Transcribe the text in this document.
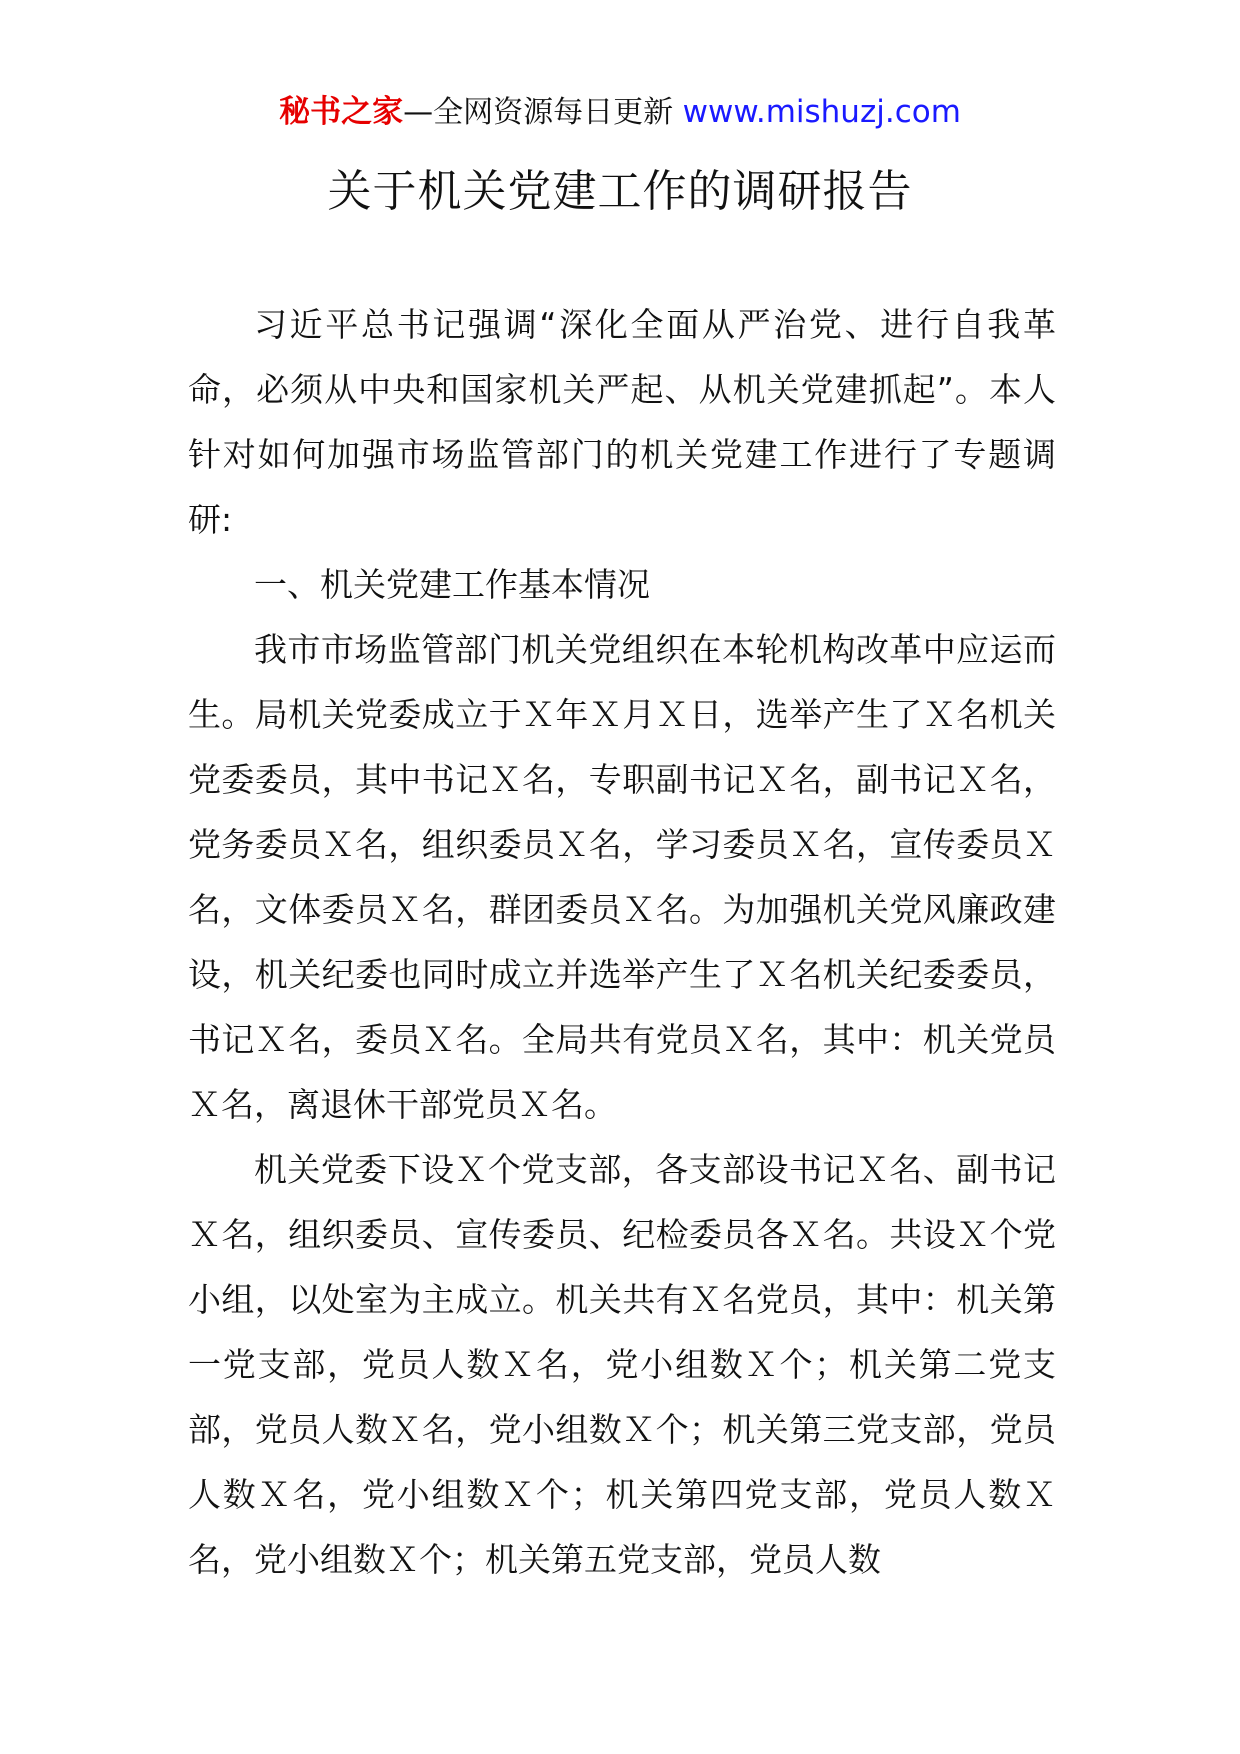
秘书之家—全网资源每日更新 www.mishuzj.com
关于机关党建工作的调研报告

习近平总书记强调“深化全面从严治党、进行自我革命，必须从中央和国家机关严起、从机关党建抓起”。本人针对如何加强市场监管部门的机关党建工作进行了专题调研:

一、机关党建工作基本情况

我市市场监管部门机关党组织在本轮机构改革中应运而生。局机关党委成立于Ｘ年Ｘ月Ｘ日，选举产生了Ｘ名机关党委委员，其中书记Ｘ名，专职副书记Ｘ名，副书记Ｘ名，党务委员Ｘ名，组织委员Ｘ名，学习委员Ｘ名，宣传委员Ｘ名，文体委员Ｘ名，群团委员Ｘ名。为加强机关党风廉政建设，机关纪委也同时成立并选举产生了Ｘ名机关纪委委员，书记Ｘ名，委员Ｘ名。全局共有党员Ｘ名，其中：机关党员Ｘ名，离退休干部党员Ｘ名。

机关党委下设Ｘ个党支部，各支部设书记Ｘ名、副书记Ｘ名，组织委员、宣传委员、纪检委员各Ｘ名。共设Ｘ个党小组，以处室为主成立。机关共有Ｘ名党员，其中：机关第一党支部，党员人数Ｘ名，党小组数Ｘ个；机关第二党支部，党员人数Ｘ名，党小组数Ｘ个；机关第三党支部，党员人数Ｘ名，党小组数Ｘ个；机关第四党支部，党员人数Ｘ名，党小组数Ｘ个；机关第五党支部，党员人数
